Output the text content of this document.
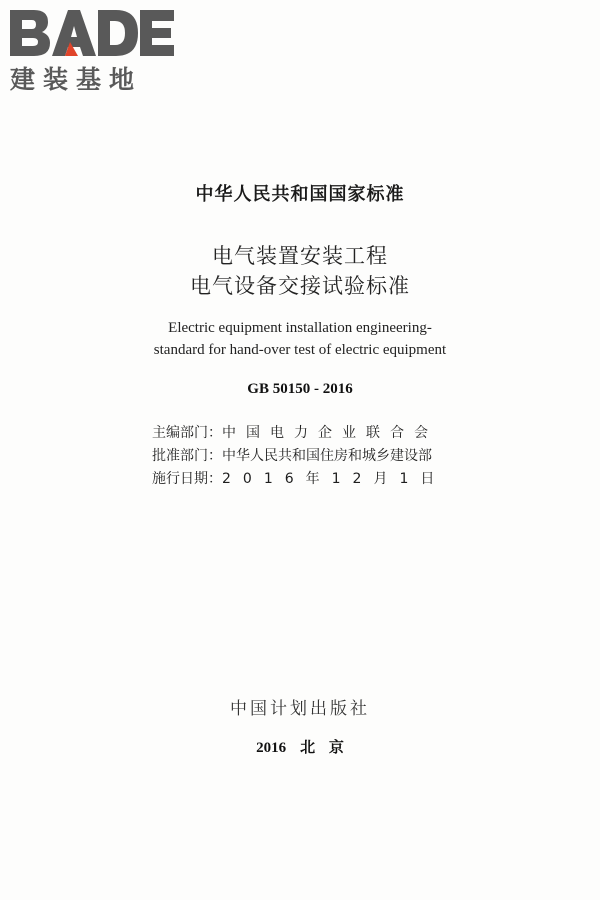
建装基地
中华人民共和国国家标准
电气装置安装工程
电气设备交接试验标准
Electric equipment installation engineering-
standard for hand-over test of electric equipment
GB 50150 - 2016
主编部门：中国电力企业联合会
批准部门：中华人民共和国住房和城乡建设部
施行日期：2016年12月1日
中国计划出版社
2016 北 京
